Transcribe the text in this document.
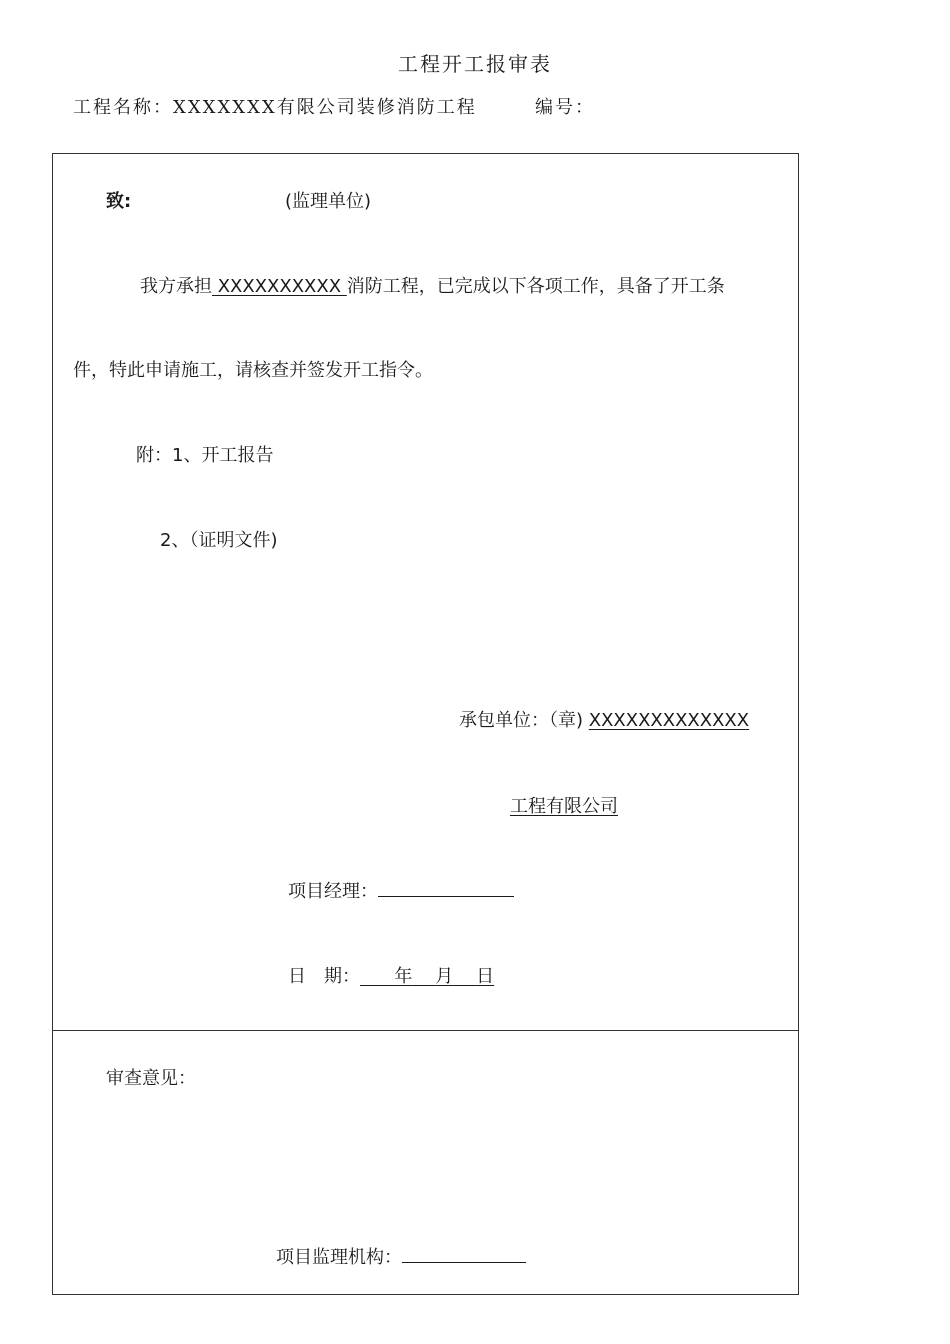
工程开工报审表
工程名称：XXXXXXX有限公司装修消防工程	编号：
致:	(监理单位)
我方承担 XXXXXXXXXX 消防工程，已完成以下各项工作，具备了开工条
件，特此申请施工，请核查并签发开工指令。
附：1、开工报告
2、（证明文件)
承包单位：（章) XXXXXXXXXXXXX
工程有限公司
项目经理：
日　期： 年 月 日
审查意见：
项目监理机构：
